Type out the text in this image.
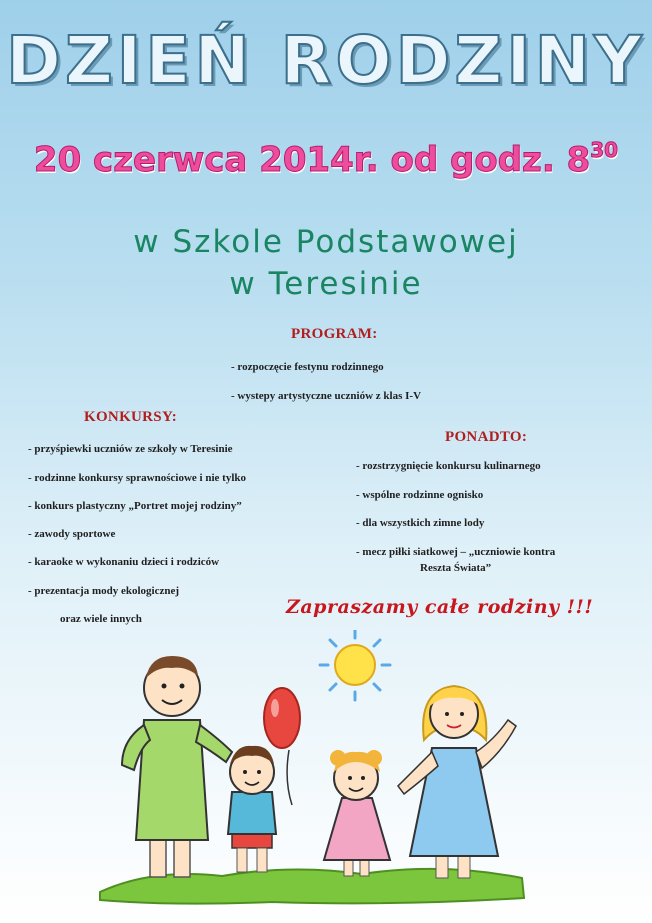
DZIEŃ RODZINY
20 czerwca 2014r. od godz. $8^{30}$
w Szkole Podstawowej
w Teresinie
PROGRAM:
- rozpoczęcie festynu rodzinnego
- wystepy artystyczne uczniów z klas I-V
KONKURSY:
- przyśpiewki uczniów ze szkoły w Teresinie
- rodzinne konkursy sprawnościowe i nie tylko
- konkurs plastyczny „Portret mojej rodziny”
- zawody sportowe
- karaoke w wykonaniu dzieci i rodziców
- prezentacja mody ekologicznej
oraz wiele innych
PONADTO:
- rozstrzygnięcie konkursu kulinarnego
- wspólne rodzinne ognisko
- dla wszystkich zimne lody
- mecz piłki siatkowej – „uczniowie kontra
Reszta Świata”
Zapraszamy całe rodziny !!!
